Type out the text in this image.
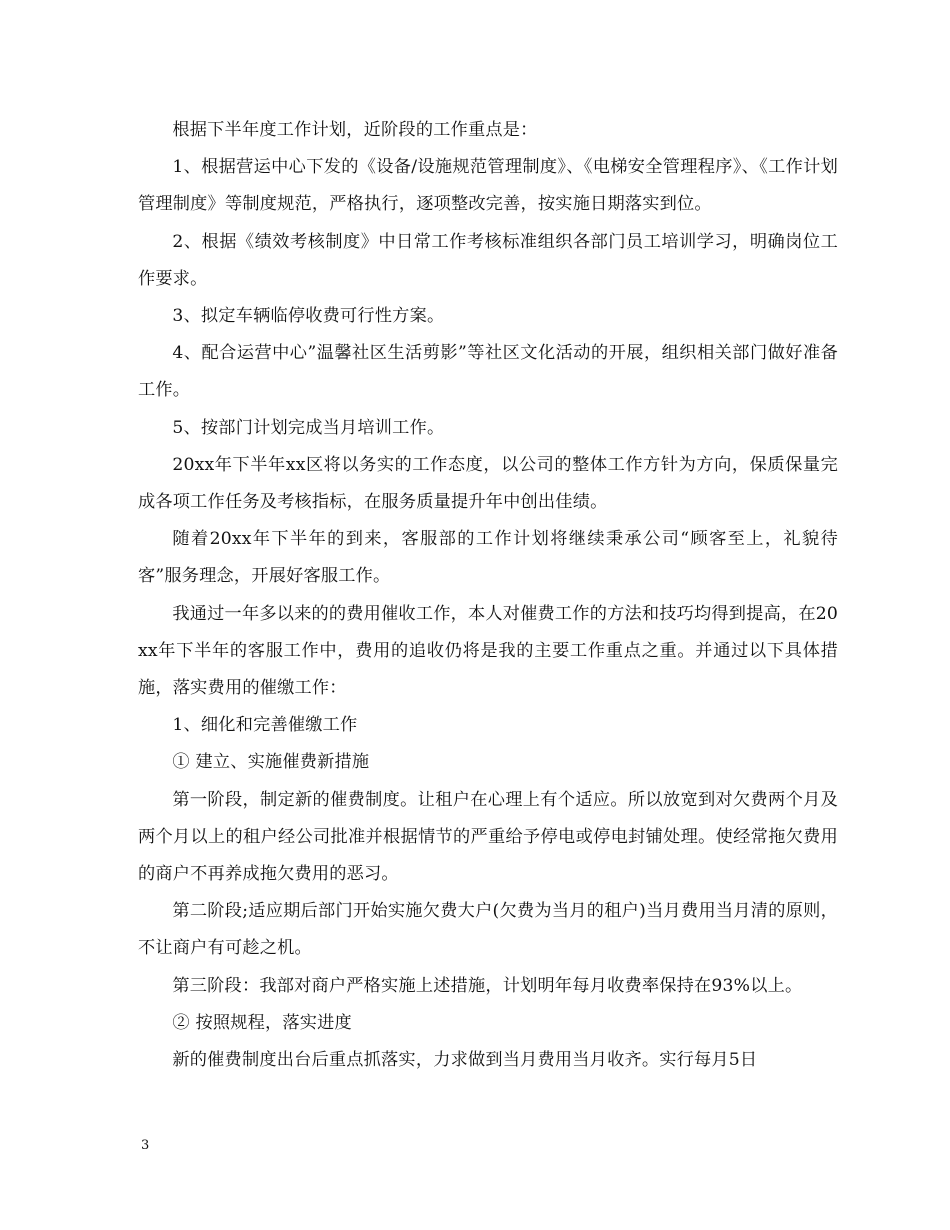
根据下半年度工作计划，近阶段的工作重点是：

1、根据营运中心下发的《设备/设施规范管理制度》、《电梯安全管理程序》、《工作计划管理制度》等制度规范，严格执行，逐项整改完善，按实施日期落实到位。

2、根据《绩效考核制度》中日常工作考核标准组织各部门员工培训学习，明确岗位工作要求。

3、拟定车辆临停收费可行性方案。

4、配合运营中心”温馨社区生活剪影”等社区文化活动的开展，组织相关部门做好准备工作。

5、按部门计划完成当月培训工作。

20xx年下半年xx区将以务实的工作态度，以公司的整体工作方针为方向，保质保量完成各项工作任务及考核指标，在服务质量提升年中创出佳绩。

随着20xx年下半年的到来，客服部的工作计划将继续秉承公司“顾客至上，礼貌待客”服务理念，开展好客服工作。

我通过一年多以来的的费用催收工作，本人对催费工作的方法和技巧均得到提高，在20xx年下半年的客服工作中，费用的追收仍将是我的主要工作重点之重。并通过以下具体措施，落实费用的催缴工作：

1、细化和完善催缴工作

① 建立、实施催费新措施

第一阶段，制定新的催费制度。让租户在心理上有个适应。所以放宽到对欠费两个月及两个月以上的租户经公司批准并根据情节的严重给予停电或停电封铺处理。使经常拖欠费用的商户不再养成拖欠费用的恶习。

第二阶段;适应期后部门开始实施欠费大户(欠费为当月的租户)当月费用当月清的原则，不让商户有可趁之机。

第三阶段：我部对商户严格实施上述措施，计划明年每月收费率保持在93%以上。

② 按照规程，落实进度

新的催费制度出台后重点抓落实，力求做到当月费用当月收齐。实行每月5日

3
